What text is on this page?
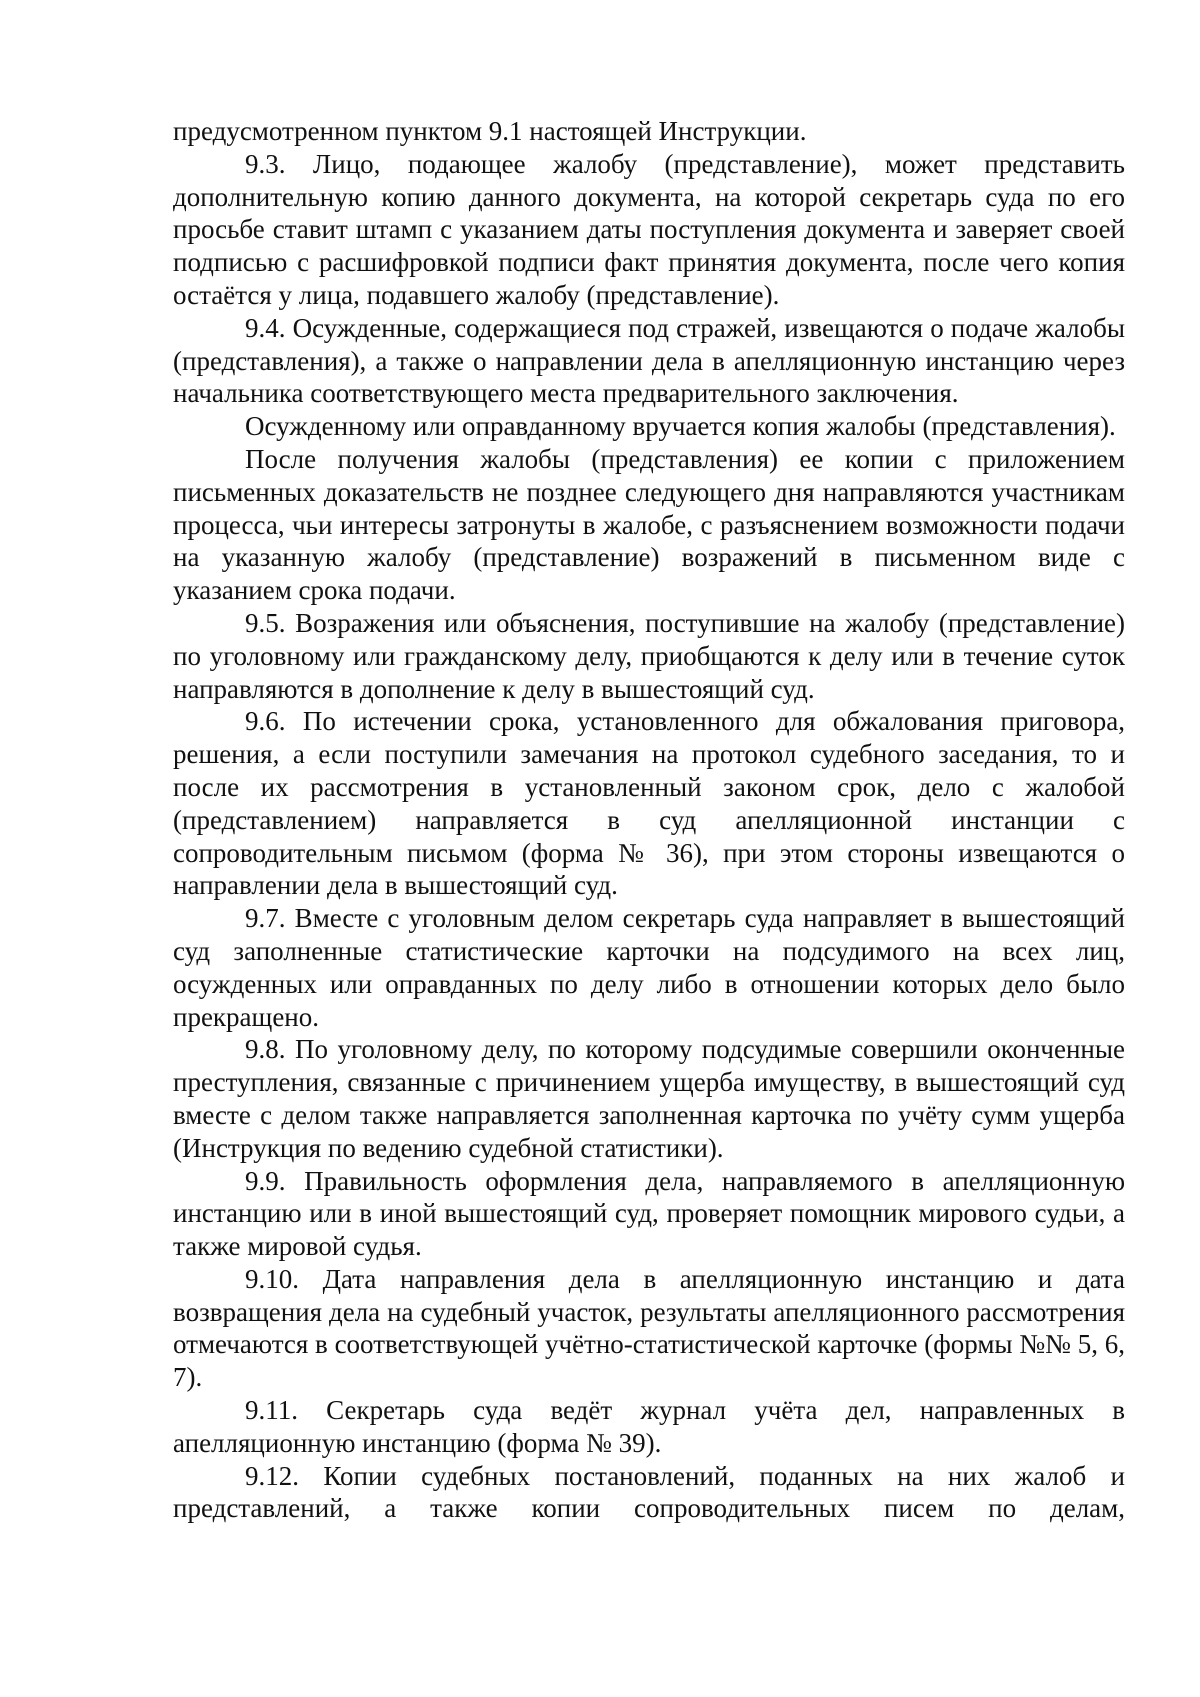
предусмотренном пунктом 9.1 настоящей Инструкции.

9.3. Лицо, подающее жалобу (представление), может представить дополнительную копию данного документа, на которой секретарь суда по его просьбе ставит штамп с указанием даты поступления документа и заверяет своей подписью с расшифровкой подписи факт принятия документа, после чего копия остаётся у лица, подавшего жалобу (представление).

9.4. Осужденные, содержащиеся под стражей, извещаются о подаче жалобы (представления), а также о направлении дела в апелляционную инстанцию через начальника соответствующего места предварительного заключения.

Осужденному или оправданному вручается копия жалобы (представления).

После получения жалобы (представления) ее копии с приложением письменных доказательств не позднее следующего дня направляются участникам процесса, чьи интересы затронуты в жалобе, с разъяснением возможности подачи на указанную жалобу (представление) возражений в письменном виде с указанием срока подачи.

9.5. Возражения или объяснения, поступившие на жалобу (представление) по уголовному или гражданскому делу, приобщаются к делу или в течение суток направляются в дополнение к делу в вышестоящий суд.

9.6. По истечении срока, установленного для обжалования приговора, решения, а если поступили замечания на протокол судебного заседания, то и после их рассмотрения в установленный законом срок, дело с жалобой (представлением) направляется в суд апелляционной инстанции с сопроводительным письмом (форма № 36), при этом стороны извещаются о направлении дела в вышестоящий суд.

9.7. Вместе с уголовным делом секретарь суда направляет в вышестоящий суд заполненные статистические карточки на подсудимого на всех лиц, осужденных или оправданных по делу либо в отношении которых дело было прекращено.

9.8. По уголовному делу, по которому подсудимые совершили оконченные преступления, связанные с причинением ущерба имуществу, в вышестоящий суд вместе с делом также направляется заполненная карточка по учёту сумм ущерба (Инструкция по ведению судебной статистики).

9.9. Правильность оформления дела, направляемого в апелляционную инстанцию или в иной вышестоящий суд, проверяет помощник мирового судьи, а также мировой судья.

9.10. Дата направления дела в апелляционную инстанцию и дата возвращения дела на судебный участок, результаты апелляционного рассмотрения отмечаются в соответствующей учётно-статистической карточке (формы №№ 5, 6, 7).

9.11. Секретарь суда ведёт журнал учёта дел, направленных в апелляционную инстанцию (форма № 39).

9.12. Копии судебных постановлений, поданных на них жалоб и представлений, а также копии сопроводительных писем по делам,
